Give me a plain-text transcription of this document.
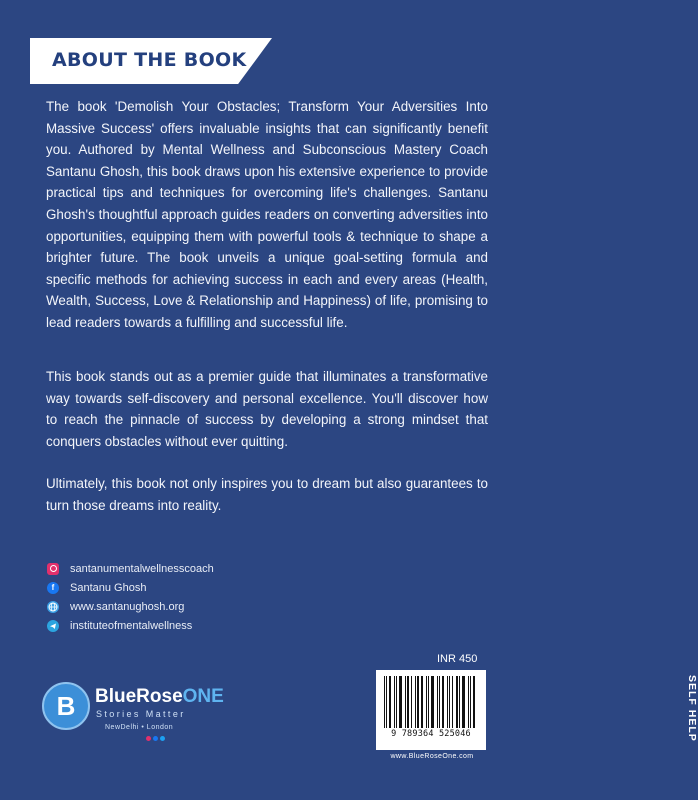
ABOUT THE BOOK

The book 'Demolish Your Obstacles; Transform Your Adversities Into Massive Success' offers invaluable insights that can significantly benefit you. Authored by Mental Wellness and Subconscious Mastery Coach Santanu Ghosh, this book draws upon his extensive experience to provide practical tips and techniques for overcoming life's challenges. Santanu Ghosh's thoughtful approach guides readers on converting adversities into opportunities, equipping them with powerful tools & technique to shape a brighter future. The book unveils a unique goal-setting formula and specific methods for achieving success in each and every areas (Health, Wealth, Success, Love & Relationship and Happiness) of life, promising to lead readers towards a fulfilling and successful life.

This book stands out as a premier guide that illuminates a transformative way towards self-discovery and personal excellence. You'll discover how to reach the pinnacle of success by developing a strong mindset that conquers obstacles without ever quitting.

Ultimately, this book not only inspires you to dream but also guarantees to turn those dreams into reality.

santanumentalwellnesscoach
f	Santanu Ghosh
www.santanughosh.org
instituteofmentalwellness
B	BlueRoseONE
Stories Matter
NewDelhi • London
INR 450
SELF HELP
9 789364 525046
www.BlueRoseOne.com
